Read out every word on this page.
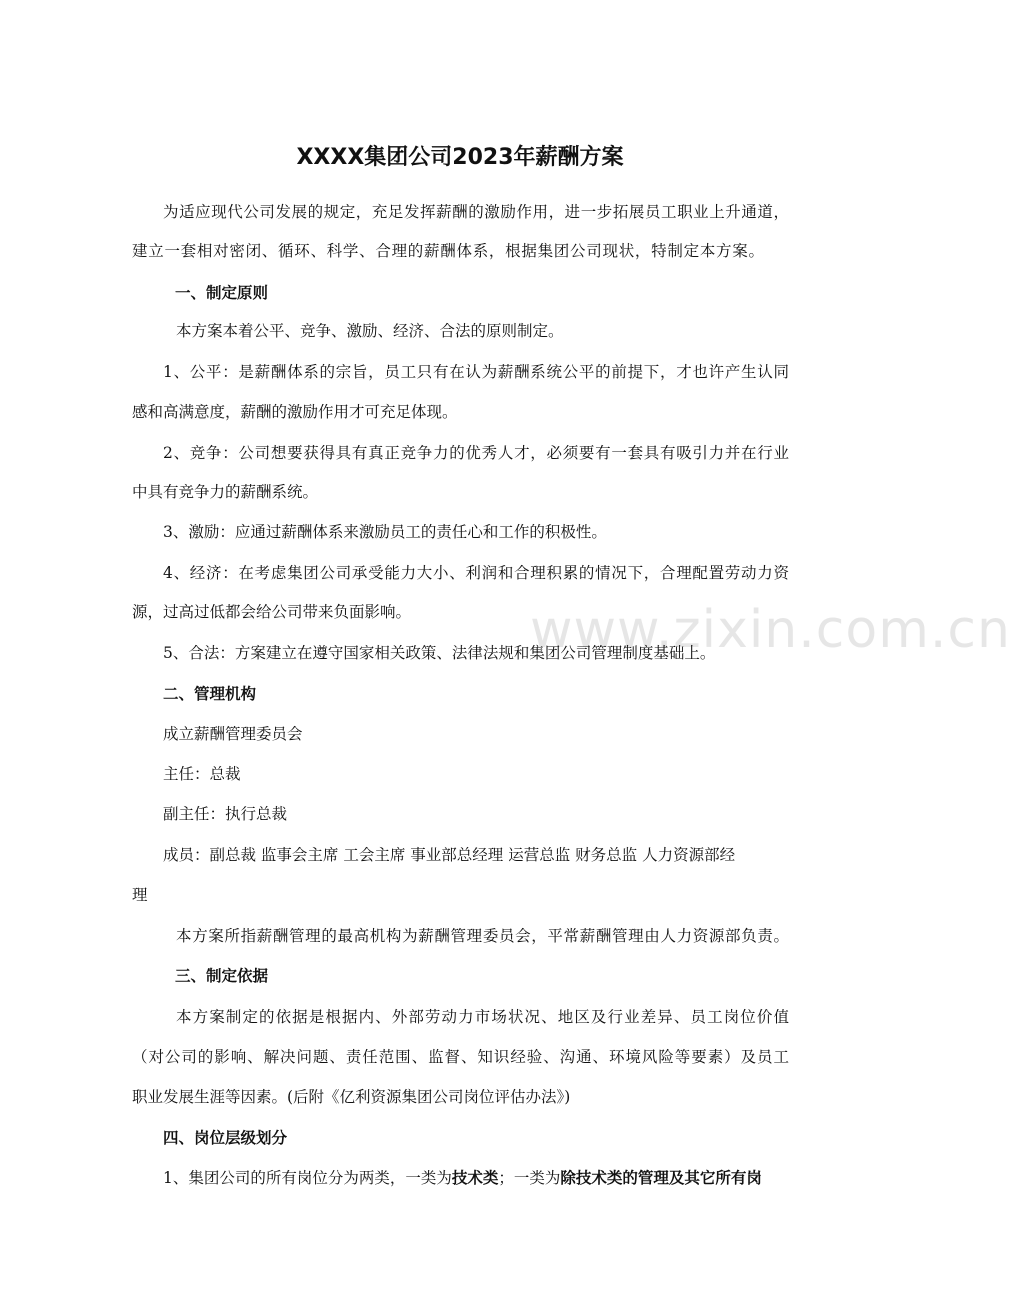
www.zixin.com.cn
XXXX集团公司2023年薪酬方案
为适应现代公司发展的规定，充足发挥薪酬的激励作用，进一步拓展员工职业上升通道，
建立一套相对密闭、循环、科学、合理的薪酬体系，根据集团公司现状，特制定本方案。
一、制定原则
本方案本着公平、竞争、激励、经济、合法的原则制定。
1、公平：是薪酬体系的宗旨，员工只有在认为薪酬系统公平的前提下，才也许产生认同
感和高满意度，薪酬的激励作用才可充足体现。
2、竞争：公司想要获得具有真正竞争力的优秀人才，必须要有一套具有吸引力并在行业
中具有竞争力的薪酬系统。
3、激励：应通过薪酬体系来激励员工的责任心和工作的积极性。
4、经济：在考虑集团公司承受能力大小、利润和合理积累的情况下，合理配置劳动力资
源，过高过低都会给公司带来负面影响。
5、合法：方案建立在遵守国家相关政策、法律法规和集团公司管理制度基础上。
二、管理机构
成立薪酬管理委员会
主任：总裁
副主任：执行总裁
成员：副总裁 监事会主席 工会主席 事业部总经理 运营总监 财务总监 人力资源部经
理
本方案所指薪酬管理的最高机构为薪酬管理委员会，平常薪酬管理由人力资源部负责。
三、制定依据
本方案制定的依据是根据内、外部劳动力市场状况、地区及行业差异、员工岗位价值
（对公司的影响、解决问题、责任范围、监督、知识经验、沟通、环境风险等要素）及员工
职业发展生涯等因素。(后附《亿利资源集团公司岗位评估办法》)
四、岗位层级划分
1、集团公司的所有岗位分为两类，一类为技术类；一类为除技术类的管理及其它所有岗
